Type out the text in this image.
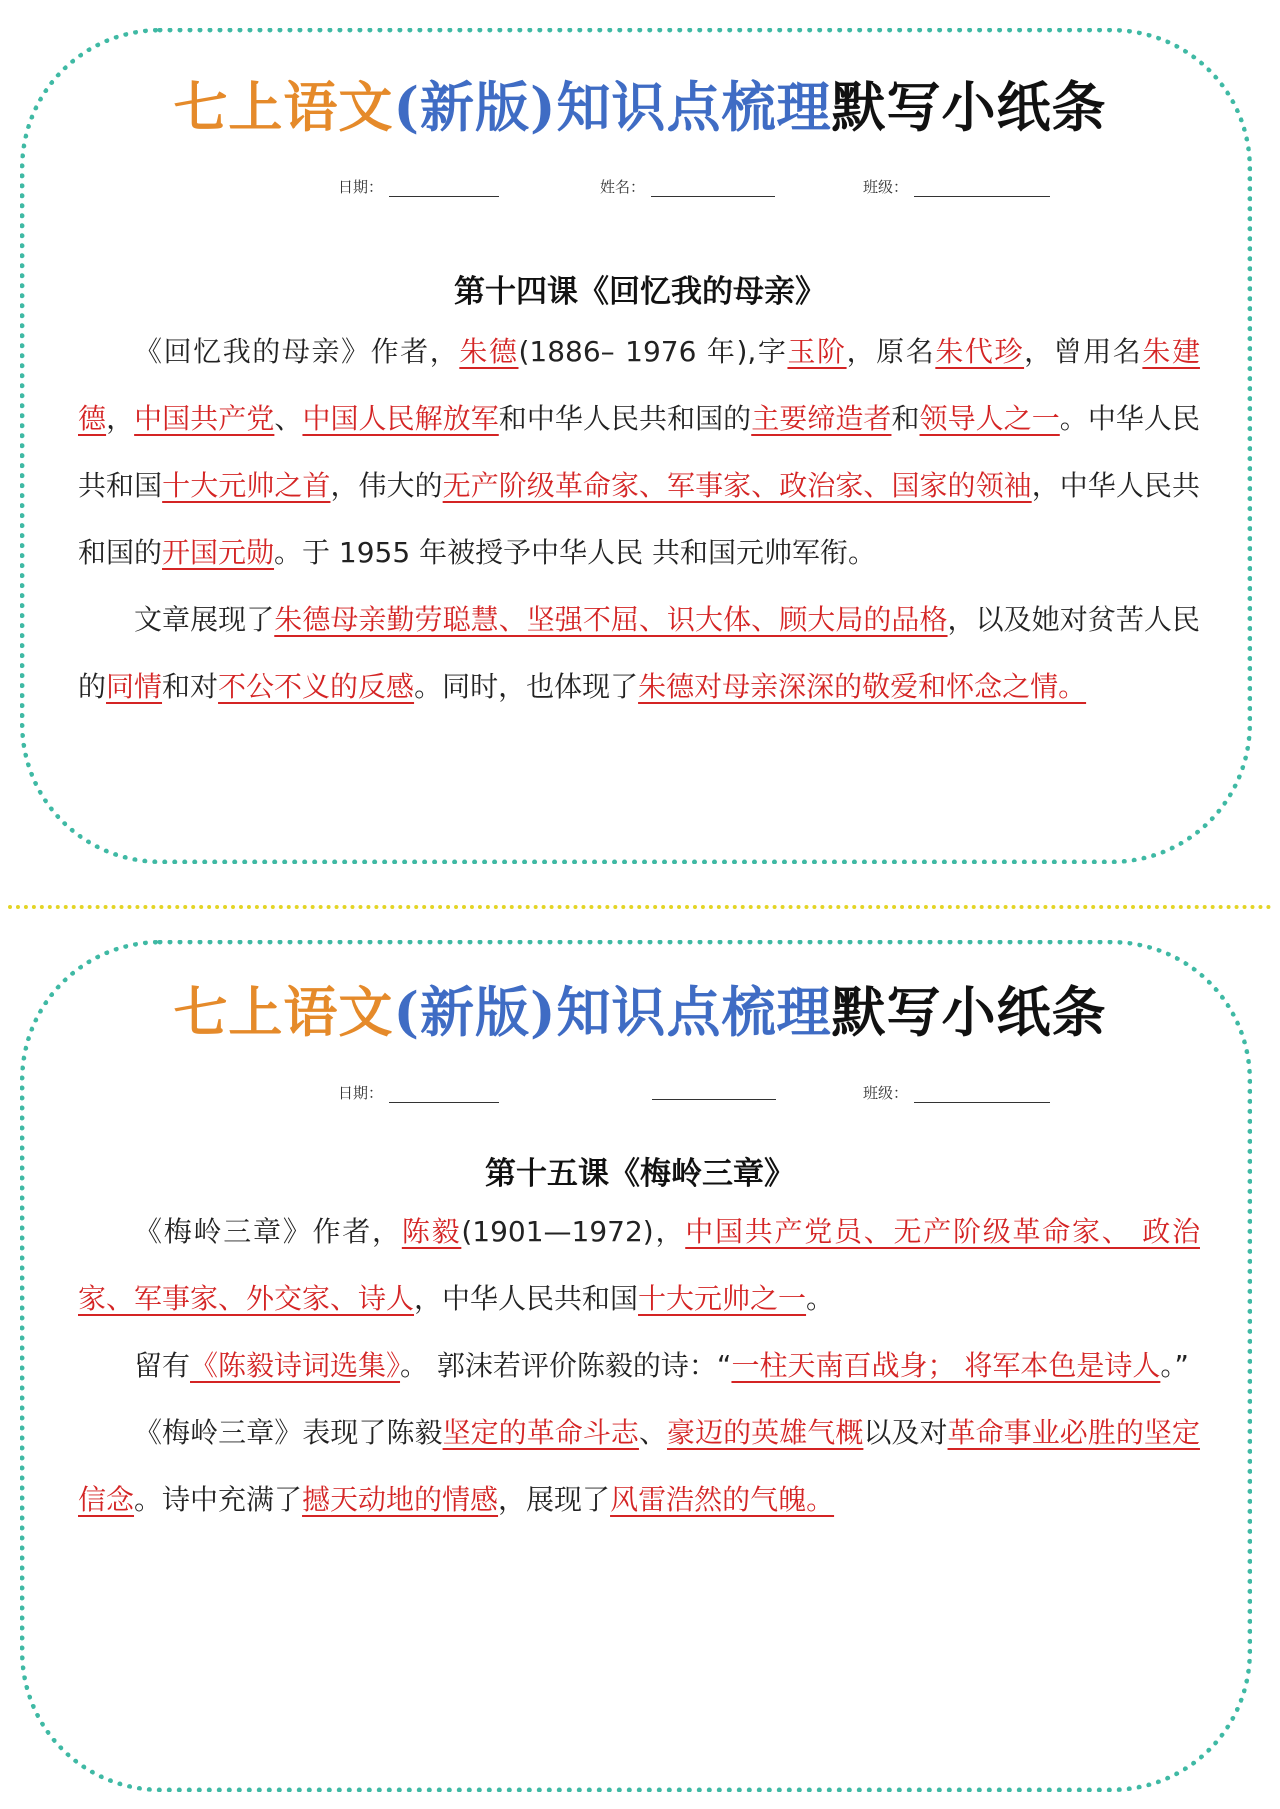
七上语文(新版)知识点梳理默写小纸条
日期：	姓名：	班级：
第十四课《回忆我的母亲》

《回忆我的母亲》作者，朱德(1886– 1976 年),字玉阶，原名朱代珍，曾用名朱建德，中国共产党、中国人民解放军和中华人民共和国的主要缔造者和领导人之一。中华人民共和国十大元帅之首，伟大的无产阶级革命家、军事家、政治家、国家的领袖，中华人民共和国的开国元勋。于 1955 年被授予中华人民 共和国元帅军衔。

文章展现了朱德母亲勤劳聪慧、坚强不屈、识大体、顾大局的品格，以及她对贫苦人民的同情和对不公不义的反感。同时，也体现了朱德对母亲深深的敬爱和怀念之情。

七上语文(新版)知识点梳理默写小纸条
日期：	班级：
第十五课《梅岭三章》

《梅岭三章》作者，陈毅(1901—1972)，中国共产党员、无产阶级革命家、 政治家、军事家、外交家、诗人，中华人民共和国十大元帅之一。

留有《陈毅诗词选集》。 郭沫若评价陈毅的诗：“一柱天南百战身； 将军本色是诗人。”

《梅岭三章》表现了陈毅坚定的革命斗志、豪迈的英雄气概以及对革命事业必胜的坚定信念。诗中充满了撼天动地的情感，展现了风雷浩然的气魄。
